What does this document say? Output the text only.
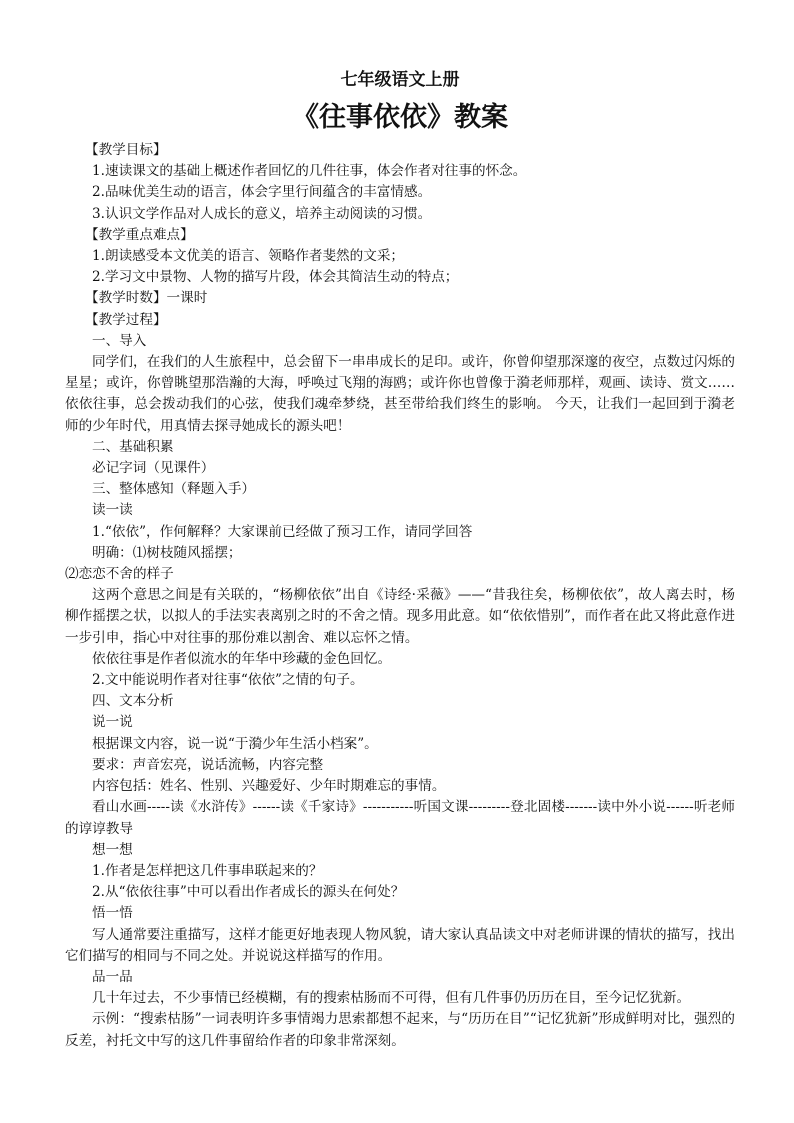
七年级语文上册
《往事依依》教案

【教学目标】

1.速读课文的基础上概述作者回忆的几件往事，体会作者对往事的怀念。

2.品味优美生动的语言，体会字里行间蕴含的丰富情感。

3.认识文学作品对人成长的意义，培养主动阅读的习惯。

【教学重点难点】

1.朗读感受本文优美的语言、领略作者斐然的文采；

2.学习文中景物、人物的描写片段，体会其简洁生动的特点；

【教学时数】一课时

【教学过程】

一、导入

同学们，在我们的人生旅程中，总会留下一串串成长的足印。或许，你曾仰望那深邃的夜空，点数过闪烁的星星；或许，你曾眺望那浩瀚的大海，呼唤过飞翔的海鸥；或许你也曾像于漪老师那样，观画、读诗、赏文……依依往事，总会拨动我们的心弦，使我们魂牵梦绕，甚至带给我们终生的影响。 今天，让我们一起回到于漪老师的少年时代，用真情去探寻她成长的源头吧！

二、基础积累

必记字词（见课件）

三、整体感知（释题入手）

读一读

1.“依依”，作何解释？大家课前已经做了预习工作，请同学回答

明确：⑴树枝随风摇摆；

⑵恋恋不舍的样子

这两个意思之间是有关联的，“杨柳依依”出自《诗经·采薇》——“昔我往矣，杨柳依依”，故人离去时，杨柳作摇摆之状，以拟人的手法实表离别之时的不舍之情。现多用此意。如“依依惜别”，而作者在此又将此意作进一步引申，指心中对往事的那份难以割舍、难以忘怀之情。

依依往事是作者似流水的年华中珍藏的金色回忆。

2.文中能说明作者对往事“依依”之情的句子。

四、文本分析

说一说

根据课文内容，说一说“于漪少年生活小档案”。

要求：声音宏亮，说话流畅，内容完整

内容包括：姓名、性别、兴趣爱好、少年时期难忘的事情。

看山水画-----读《水浒传》------读《千家诗》-----------听国文课---------登北固楼-------读中外小说------听老师的谆谆教导

想一想

1.作者是怎样把这几件事串联起来的？

2.从“依依往事”中可以看出作者成长的源头在何处？

悟一悟

写人通常要注重描写，这样才能更好地表现人物风貌，请大家认真品读文中对老师讲课的情状的描写，找出它们描写的相同与不同之处。并说说这样描写的作用。

品一品

几十年过去，不少事情已经模糊，有的搜索枯肠而不可得，但有几件事仍历历在目，至今记忆犹新。

示例：“搜索枯肠”一词表明许多事情竭力思索都想不起来，与“历历在目”“记忆犹新”形成鲜明对比，强烈的反差，衬托文中写的这几件事留给作者的印象非常深刻。
